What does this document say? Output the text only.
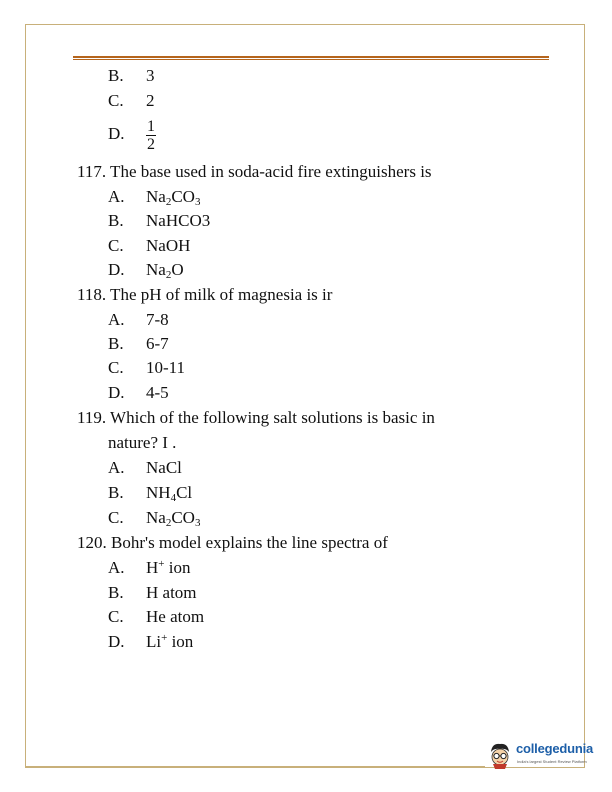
B. 3
C. 2
D. $\frac{1}{2}$
117. The base used in soda-acid fire extinguishers is
A. $Na_2CO_3$
B. NaHCO3
C. NaOH
D. $Na_2O$
118. The pH of milk of magnesia is ir
A. 7-8
B. 6-7
C. 10-11
D. 4-5
119. Which of the following salt solutions is basic in
nature? I .
A. NaCl
B. $NH_4Cl$
C. $Na_2CO_3$
120. Bohr's model explains the line spectra of
A. H+ ion
B. H atom
C. He atom
D. Li+ ion
collegedunia
India's largest Student Review Platform
